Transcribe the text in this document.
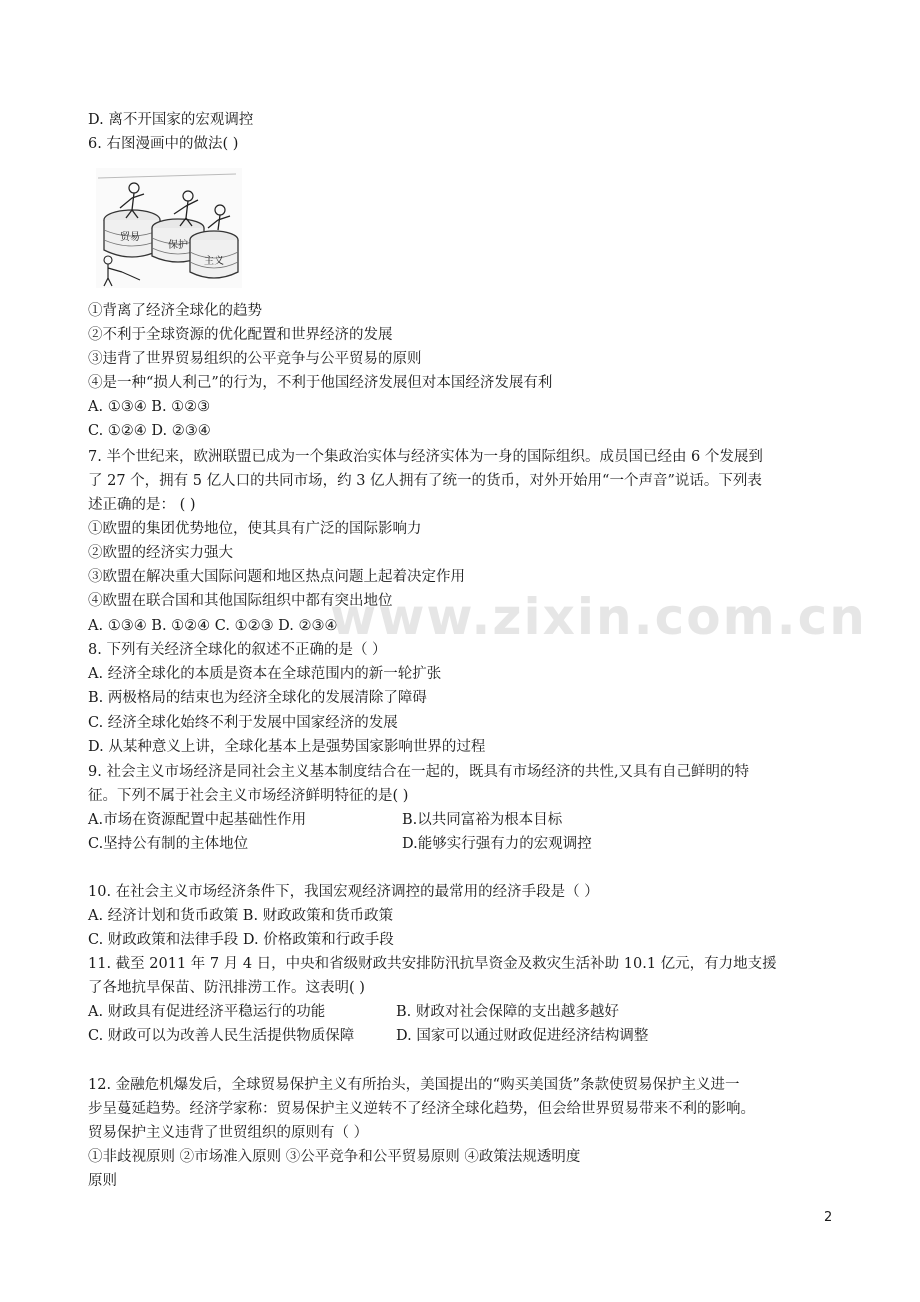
D. 离不开国家的宏观调控
6. 右图漫画中的做法( )
贸易
保护
主义
①背离了经济全球化的趋势
②不利于全球资源的优化配置和世界经济的发展
③违背了世界贸易组织的公平竞争与公平贸易的原则
④是一种“损人利己”的行为，不利于他国经济发展但对本国经济发展有利
A. ①③④ B. ①②③
C. ①②④ D. ②③④
7. 半个世纪来，欧洲联盟已成为一个集政治实体与经济实体为一身的国际组织。成员国已经由 6 个发展到
了 27 个，拥有 5 亿人口的共同市场，约 3 亿人拥有了统一的货币，对外开始用“一个声音”说话。下列表
述正确的是： ( )
①欧盟的集团优势地位，使其具有广泛的国际影响力
②欧盟的经济实力强大
③欧盟在解决重大国际问题和地区热点问题上起着决定作用
④欧盟在联合国和其他国际组织中都有突出地位
A. ①③④ B. ①②④ C. ①②③ D. ②③④
8. 下列有关经济全球化的叙述不正确的是（ ）
A. 经济全球化的本质是资本在全球范围内的新一轮扩张
B. 两极格局的结束也为经济全球化的发展清除了障碍
C. 经济全球化始终不利于发展中国家经济的发展
D. 从某种意义上讲，全球化基本上是强势国家影响世界的过程
9. 社会主义市场经济是同社会主义基本制度结合在一起的，既具有市场经济的共性,又具有自己鲜明的特
征。下列不属于社会主义市场经济鲜明特征的是( )
A.市场在资源配置中起基础性作用	B.以共同富裕为根本目标
C.坚持公有制的主体地位	D.能够实行强有力的宏观调控
10. 在社会主义市场经济条件下，我国宏观经济调控的最常用的经济手段是（ ）
A. 经济计划和货币政策 B. 财政政策和货币政策
C. 财政政策和法律手段 D. 价格政策和行政手段
11. 截至 2011 年 7 月 4 日，中央和省级财政共安排防汛抗旱资金及救灾生活补助 10.1 亿元，有力地支援
了各地抗旱保苗、防汛排涝工作。这表明( )
A. 财政具有促进经济平稳运行的功能	B. 财政对社会保障的支出越多越好
C. 财政可以为改善人民生活提供物质保障	D. 国家可以通过财政促进经济结构调整
12. 金融危机爆发后，全球贸易保护主义有所抬头，美国提出的“购买美国货”条款使贸易保护主义进一
步呈蔓延趋势。经济学家称：贸易保护主义逆转不了经济全球化趋势，但会给世界贸易带来不利的影响。
贸易保护主义违背了世贸组织的原则有（ ）
①非歧视原则 ②市场准入原则 ③公平竞争和公平贸易原则 ④政策法规透明度
原则
www.zixin.com.cn
2
